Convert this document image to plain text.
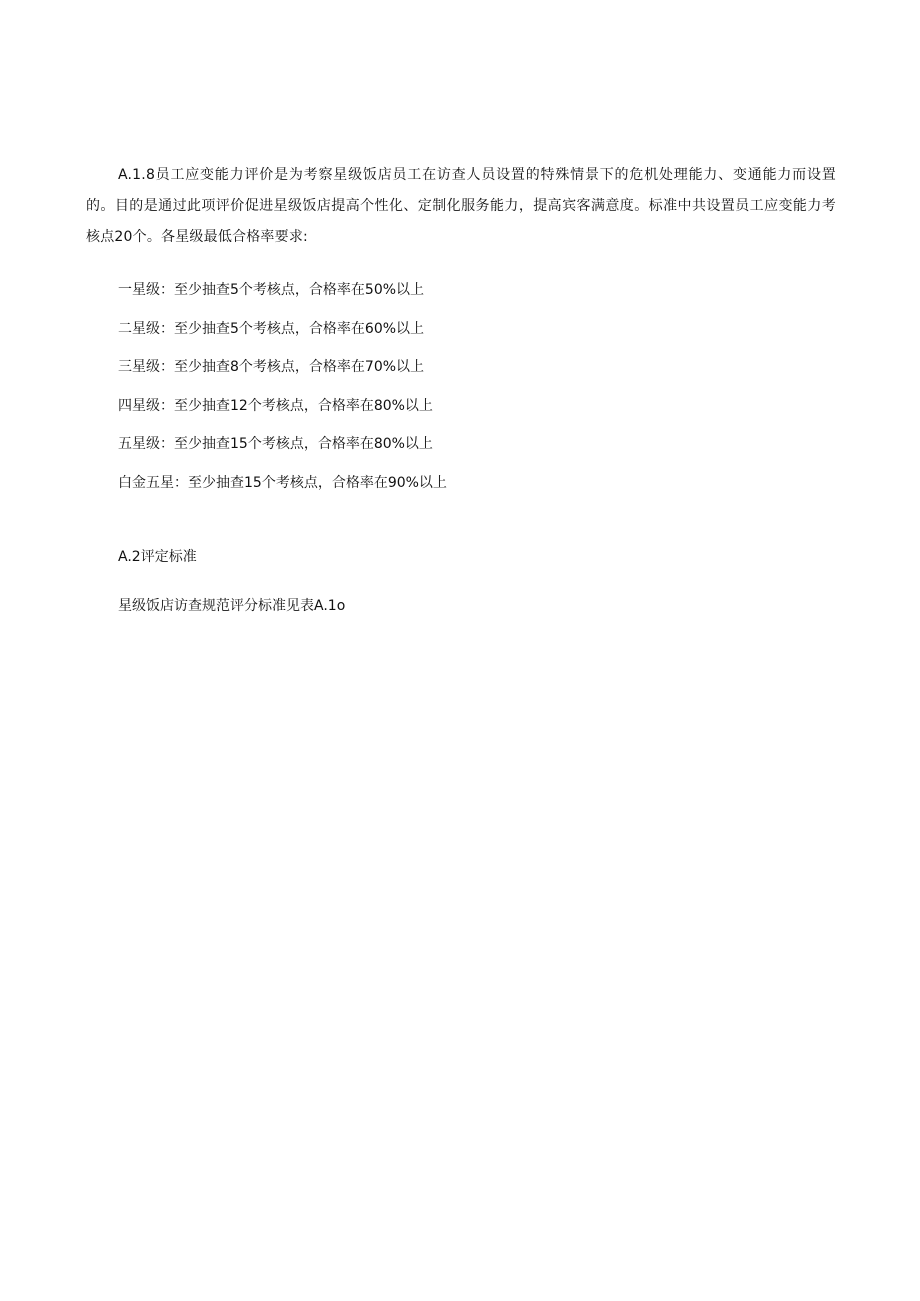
A.1.8员工应变能力评价是为考察星级饭店员工在访查人员设置的特殊情景下的危机处理能力、变通能力而设置的。目的是通过此项评价促进星级饭店提高个性化、定制化服务能力，提高宾客满意度。标准中共设置员工应变能力考核点20个。各星级最低合格率要求:

一星级：至少抽查5个考核点，合格率在50%以上
二星级：至少抽查5个考核点，合格率在60%以上
三星级：至少抽查8个考核点，合格率在70%以上
四星级：至少抽查12个考核点，合格率在80%以上
五星级：至少抽查15个考核点，合格率在80%以上
白金五星：至少抽查15个考核点，合格率在90%以上
A.2评定标准

星级饭店访查规范评分标准见表A.1o
